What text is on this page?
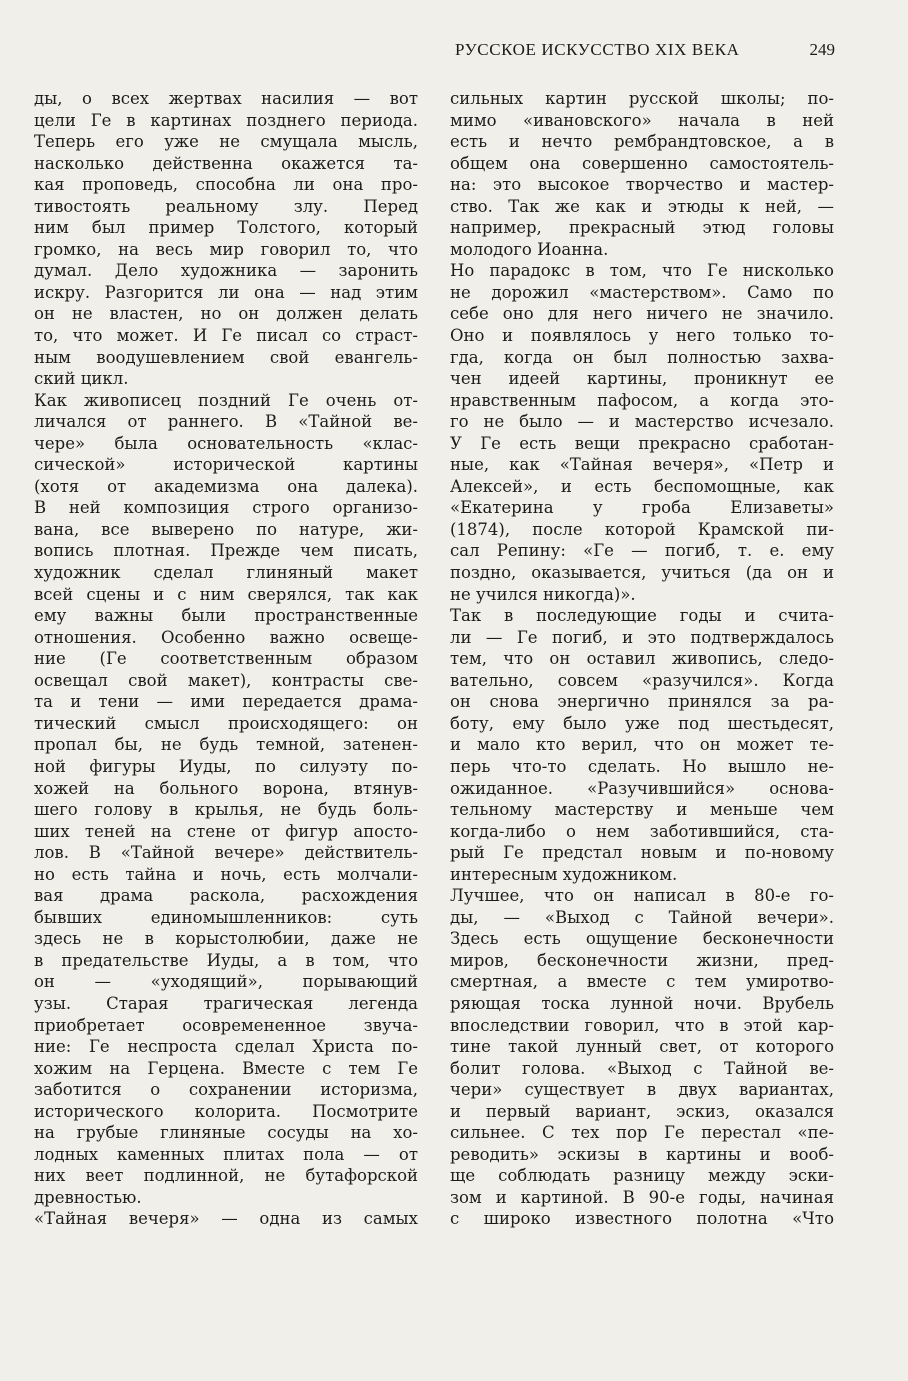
РУССКОЕ ИСКУССТВО XIX ВЕКА	249
ды, о всех жертвах насилия — вот
цели Ге в картинах позднего периода.
Теперь его уже не смущала мысль,
насколько действенна окажется та-
кая проповедь, способна ли она про-
тивостоять реальному злу. Перед
ним был пример Толстого, который
громко, на весь мир говорил то, что
думал. Дело художника — заронить
искру. Разгорится ли она — над этим
он не властен, но он должен делать
то, что может. И Ге писал со страст-
ным воодушевлением свой евангель-
ский цикл.
Как живописец поздний Ге очень от-
личался от раннего. В «Тайной ве-
чере» была основательность «клас-
сической» исторической картины
(хотя от академизма она далека).
В ней композиция строго организо-
вана, все выверено по натуре, жи-
вопись плотная. Прежде чем писать,
художник сделал глиняный макет
всей сцены и с ним сверялся, так как
ему важны были пространственные
отношения. Особенно важно освеще-
ние (Ге соответственным образом
освещал свой макет), контрасты све-
та и тени — ими передается драма-
тический смысл происходящего: он
пропал бы, не будь темной, затенен-
ной фигуры Иуды, по силуэту по-
хожей на больного ворона, втянув-
шего голову в крылья, не будь боль-
ших теней на стене от фигур апосто-
лов. В «Тайной вечере» действитель-
но есть тайна и ночь, есть молчали-
вая драма раскола, расхождения
бывших единомышленников: суть
здесь не в корыстолюбии, даже не
в предательстве Иуды, а в том, что
он — «уходящий», порывающий
узы. Старая трагическая легенда
приобретает осовремененное звуча-
ние: Ге неспроста сделал Христа по-
хожим на Герцена. Вместе с тем Ге
заботится о сохранении историзма,
исторического колорита. Посмотрите
на грубые глиняные сосуды на хо-
лодных каменных плитах пола — от
них веет подлинной, не бутафорской
древностью.
«Тайная вечеря» — одна из самых
сильных картин русской школы; по-
мимо «ивановского» начала в ней
есть и нечто рембрандтовское, а в
общем она совершенно самостоятель-
на: это высокое творчество и мастер-
ство. Так же как и этюды к ней, —
например, прекрасный этюд головы
молодого Иоанна.
Но парадокс в том, что Ге нисколько
не дорожил «мастерством». Само по
себе оно для него ничего не значило.
Оно и появлялось у него только то-
гда, когда он был полностью захва-
чен идеей картины, проникнут ее
нравственным пафосом, а когда это-
го не было — и мастерство исчезало.
У Ге есть вещи прекрасно сработан-
ные, как «Тайная вечеря», «Петр и
Алексей», и есть беспомощные, как
«Екатерина у гроба Елизаветы»
(1874), после которой Крамской пи-
сал Репину: «Ге — погиб, т. е. ему
поздно, оказывается, учиться (да он и
не учился никогда)».
Так в последующие годы и счита-
ли — Ге погиб, и это подтверждалось
тем, что он оставил живопись, следо-
вательно, совсем «разучился». Когда
он снова энергично принялся за ра-
боту, ему было уже под шестьдесят,
и мало кто верил, что он может те-
перь что-то сделать. Но вышло не-
ожиданное. «Разучившийся» основа-
тельному мастерству и меньше чем
когда-либо о нем заботившийся, ста-
рый Ге предстал новым и по-новому
интересным художником.
Лучшее, что он написал в 80-е го-
ды, — «Выход с Тайной вечери».
Здесь есть ощущение бесконечности
миров, бесконечности жизни, пред-
смертная, а вместе с тем умиротво-
ряющая тоска лунной ночи. Врубель
впоследствии говорил, что в этой кар-
тине такой лунный свет, от которого
болит голова. «Выход с Тайной ве-
чери» существует в двух вариантах,
и первый вариант, эскиз, оказался
сильнее. С тех пор Ге перестал «пе-
реводить» эскизы в картины и вооб-
ще соблюдать разницу между эски-
зом и картиной. В 90-е годы, начиная
с широко известного полотна «Что
